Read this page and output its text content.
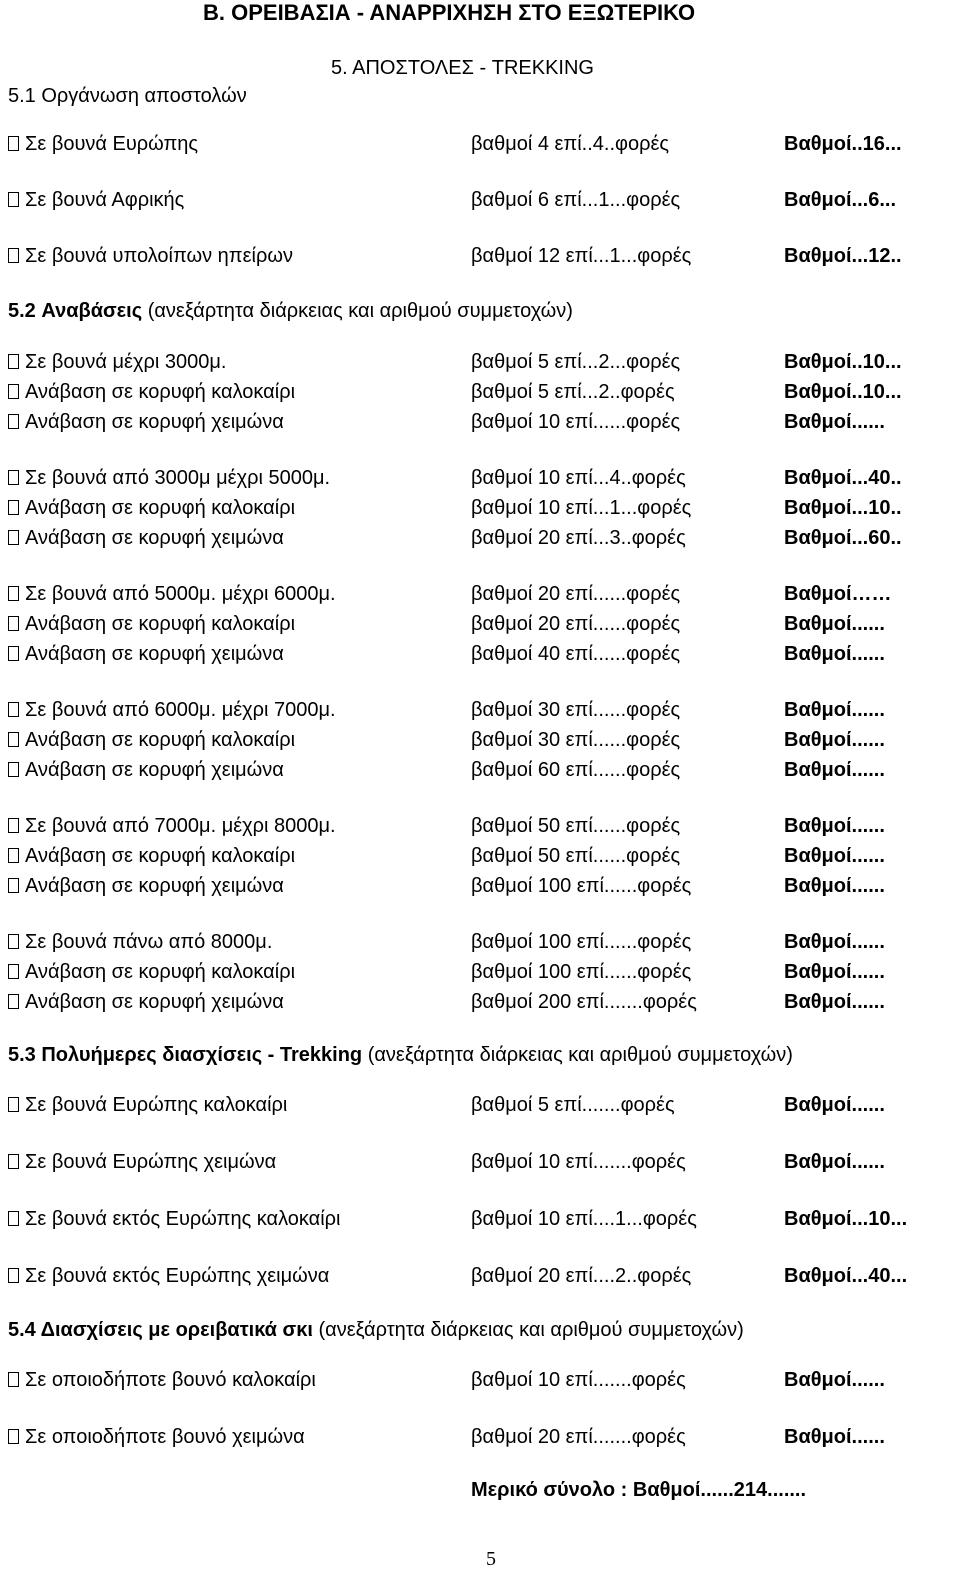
B. ΟΡΕΙΒΑΣΙΑ - ΑΝΑΡΡΙΧΗΣΗ ΣΤΟ ΕΞΩΤΕΡΙΚΟ
5. ΑΠΟΣΤΟΛΕΣ - TREKKING
5.1 Οργάνωση αποστολών
Σε βουνά Ευρώπης	βαθμοί 4 επί..4..φορές	Βαθμοί..16...
Σε βουνά Αφρικής	βαθμοί 6 επί...1...φορές	Βαθμοί...6...
Σε βουνά υπολοίπων ηπείρων	βαθμοί 12 επί...1...φορές	Βαθμοί...12..
5.2 Αναβάσεις (ανεξάρτητα διάρκειας και αριθμού συμμετοχών)
Σε βουνά μέχρι 3000μ.	βαθμοί 5 επί...2...φορές	Βαθμοί..10...
Ανάβαση σε κορυφή καλοκαίρι	βαθμοί 5 επί...2..φορές	Βαθμοί..10...
Ανάβαση σε κορυφή χειμώνα	βαθμοί 10 επί......φορές	Βαθμοί......
Σε βουνά από 3000μ μέχρι 5000μ.	βαθμοί 10 επί...4..φορές	Βαθμοί...40..
Ανάβαση σε κορυφή καλοκαίρι	βαθμοί 10 επί...1...φορές	Βαθμοί...10..
Ανάβαση σε κορυφή χειμώνα	βαθμοί 20 επί...3..φορές	Βαθμοί...60..
Σε βουνά από 5000μ. μέχρι 6000μ.	βαθμοί 20 επί......φορές	Βαθμοί……
Ανάβαση σε κορυφή καλοκαίρι	βαθμοί 20 επί......φορές	Βαθμοί......
Ανάβαση σε κορυφή χειμώνα	βαθμοί 40 επί......φορές	Βαθμοί......
Σε βουνά από 6000μ. μέχρι 7000μ.	βαθμοί 30 επί......φορές	Βαθμοί......
Ανάβαση σε κορυφή καλοκαίρι	βαθμοί 30 επί......φορές	Βαθμοί......
Ανάβαση σε κορυφή χειμώνα	βαθμοί 60 επί......φορές	Βαθμοί......
Σε βουνά από 7000μ. μέχρι 8000μ.	βαθμοί 50 επί......φορές	Βαθμοί......
Ανάβαση σε κορυφή καλοκαίρι	βαθμοί 50 επί......φορές	Βαθμοί......
Ανάβαση σε κορυφή χειμώνα	βαθμοί 100 επί......φορές	Βαθμοί......
Σε βουνά πάνω από 8000μ.	βαθμοί 100 επί......φορές	Βαθμοί......
Ανάβαση σε κορυφή καλοκαίρι	βαθμοί 100 επί......φορές	Βαθμοί......
Ανάβαση σε κορυφή χειμώνα	βαθμοί 200 επί.......φορές	Βαθμοί......
5.3 Πολυήμερες διασχίσεις - Trekking (ανεξάρτητα διάρκειας και αριθμού συμμετοχών)
Σε βουνά Ευρώπης καλοκαίρι	βαθμοί 5 επί.......φορές	Βαθμοί......
Σε βουνά Ευρώπης χειμώνα	βαθμοί 10 επί.......φορές	Βαθμοί......
Σε βουνά εκτός Ευρώπης καλοκαίρι	βαθμοί 10 επί....1...φορές	Βαθμοί...10...
Σε βουνά εκτός Ευρώπης χειμώνα	βαθμοί 20 επί....2..φορές	Βαθμοί...40...
5.4 Διασχίσεις με ορειβατικά σκι (ανεξάρτητα διάρκειας και αριθμού συμμετοχών)
Σε οποιοδήποτε βουνό καλοκαίρι	βαθμοί 10 επί.......φορές	Βαθμοί......
Σε οποιοδήποτε βουνό χειμώνα	βαθμοί 20 επί.......φορές	Βαθμοί......
Μερικό σύνολο : Βαθμοί......214.......
5
